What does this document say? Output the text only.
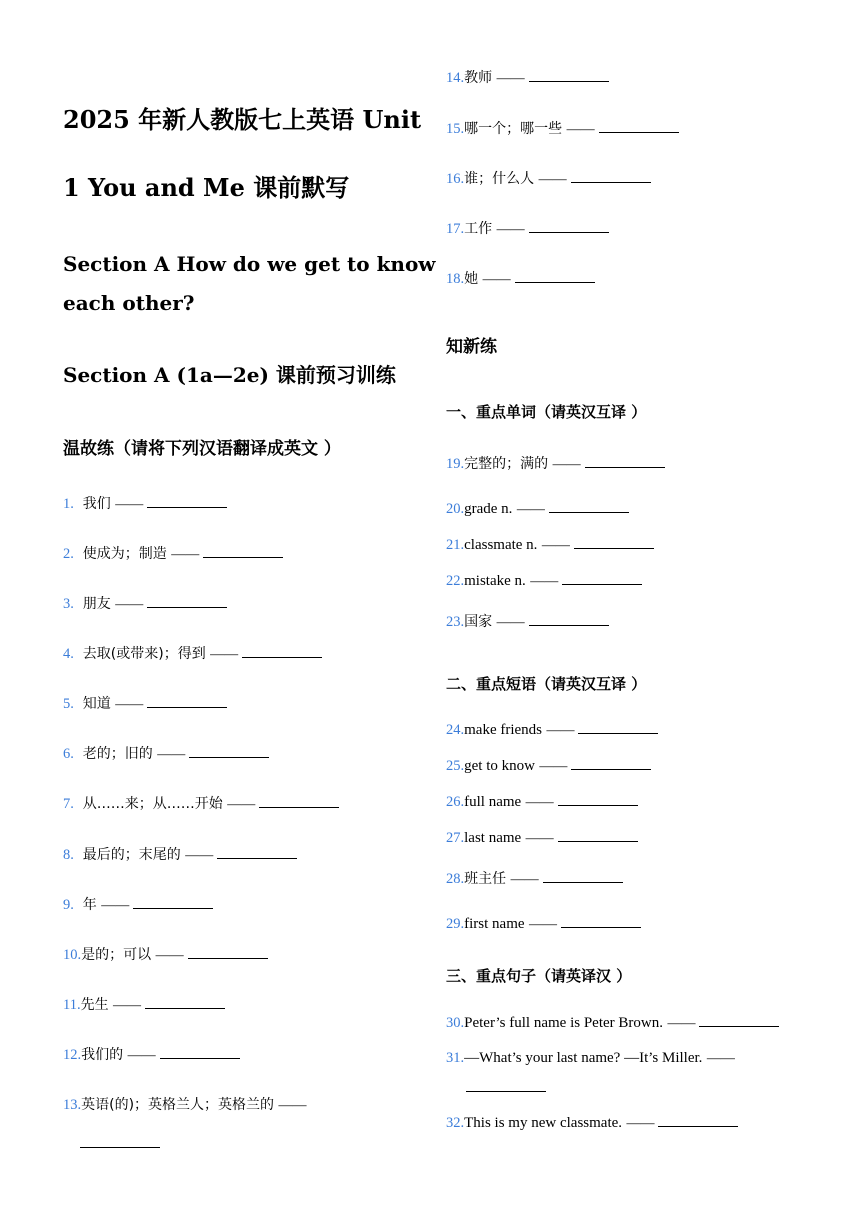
2025 年新人教版七上英语 Unit
1 You and Me 课前默写
Section A How do we get to know
each other?
Section A (1a—2e) 课前预习训练
温故练（请将下列汉语翻译成英文 ）
1. 我们 ——
2. 使成为；制造 ——
3. 朋友 ——
4. 去取(或带来)；得到 ——
5. 知道 ——
6. 老的；旧的 ——
7. 从……来；从……开始 ——
8. 最后的；末尾的 ——
9. 年 ——
10.是的；可以 ——
11.先生 ——
12.我们的 ——
13.英语(的)；英格兰人；英格兰的 ——
14.教师 ——
15.哪一个；哪一些 ——
16.谁；什么人 ——
17.工作 ——
18.她 ——
知新练
一、重点单词（请英汉互译 ）
19.完整的；满的 ——
20.grade n. ——
21.classmate n. ——
22.mistake n. ——
23.国家 ——
二、重点短语（请英汉互译 ）
24.make friends ——
25.get to know ——
26.full name ——
27.last name ——
28.班主任 ——
29.first name ——
三、重点句子（请英译汉 ）
30.Peter’s full name is Peter Brown. ——
31.—What’s your last name? —It’s Miller. ——
32.This is my new classmate. ——
